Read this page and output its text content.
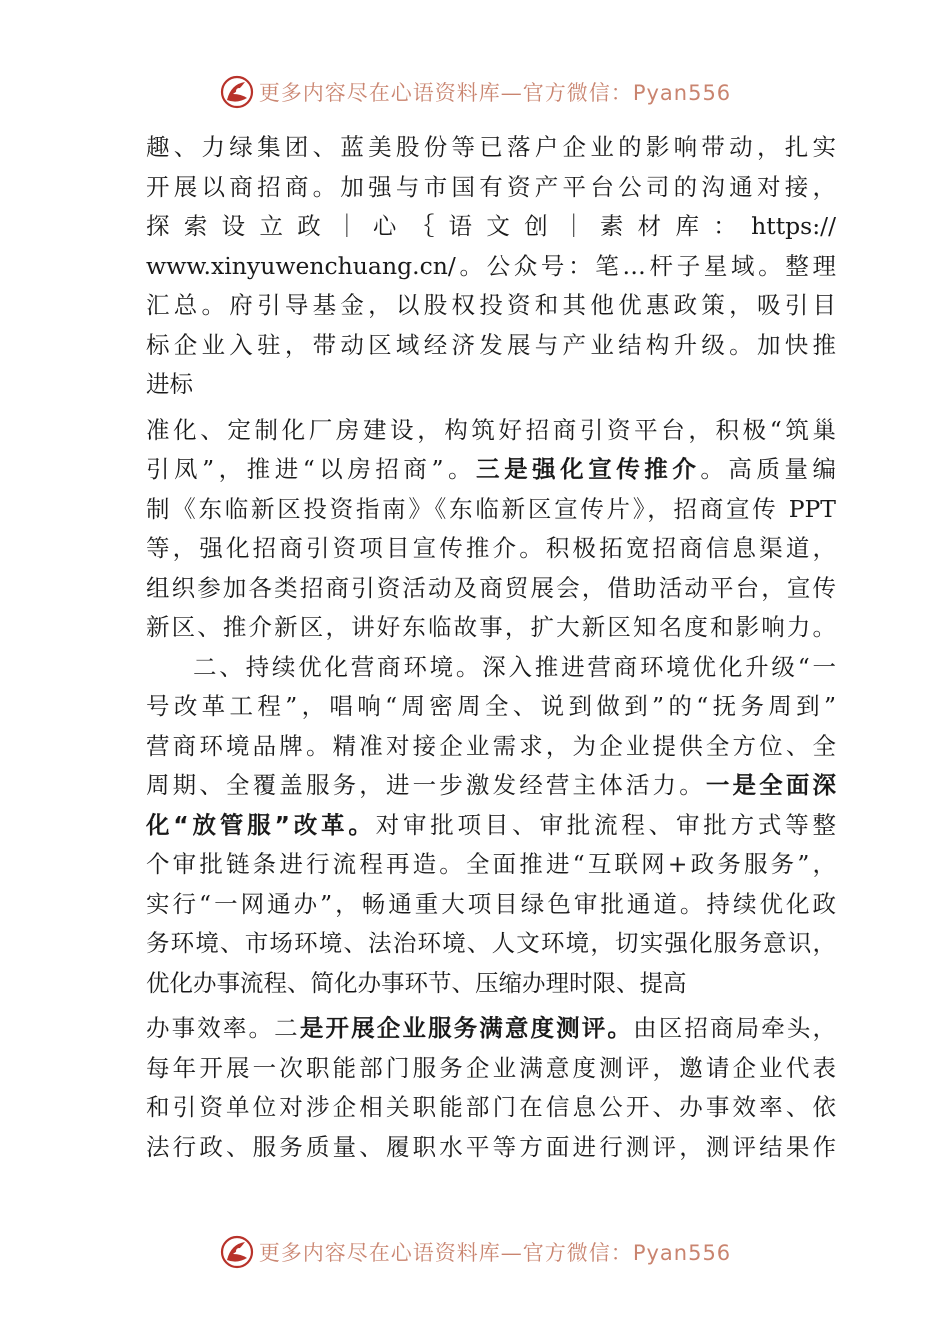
更多内容尽在心语资料库—官方微信：Pyan556
趣、力绿集团、蓝美股份等已落户企业的影响带动，扎实
开展以商招商。加强与市国有资产平台公司的沟通对接，
探索设立政｜心｛语文创｜素材库：https://
www.xinyuwenchuang.cn/。公众号：笔…杆子星域。整理
汇总。府引导基金，以股权投资和其他优惠政策，吸引目
标企业入驻，带动区域经济发展与产业结构升级。加快推
进标
准化、定制化厂房建设，构筑好招商引资平台，积极“筑巢
引凤”，推进“以房招商”。三是强化宣传推介。高质量编
制《东临新区投资指南》《东临新区宣传片》，招商宣传 PPT
等，强化招商引资项目宣传推介。积极拓宽招商信息渠道，
组织参加各类招商引资活动及商贸展会，借助活动平台，宣传
新区、推介新区，讲好东临故事，扩大新区知名度和影响力。
二、持续优化营商环境。深入推进营商环境优化升级“一
号改革工程”，唱响“周密周全、说到做到”的“抚务周到”
营商环境品牌。精准对接企业需求，为企业提供全方位、全
周期、全覆盖服务，进一步激发经营主体活力。一是全面深
化“放管服”改革。对审批项目、审批流程、审批方式等整
个审批链条进行流程再造。全面推进“互联网+政务服务”，
实行“一网通办”，畅通重大项目绿色审批通道。持续优化政
务环境、市场环境、法治环境、人文环境，切实强化服务意识，
优化办事流程、简化办事环节、压缩办理时限、提高
办事效率。二是开展企业服务满意度测评。由区招商局牵头，
每年开展一次职能部门服务企业满意度测评，邀请企业代表
和引资单位对涉企相关职能部门在信息公开、办事效率、依
法行政、服务质量、履职水平等方面进行测评，测评结果作
更多内容尽在心语资料库—官方微信：Pyan556
